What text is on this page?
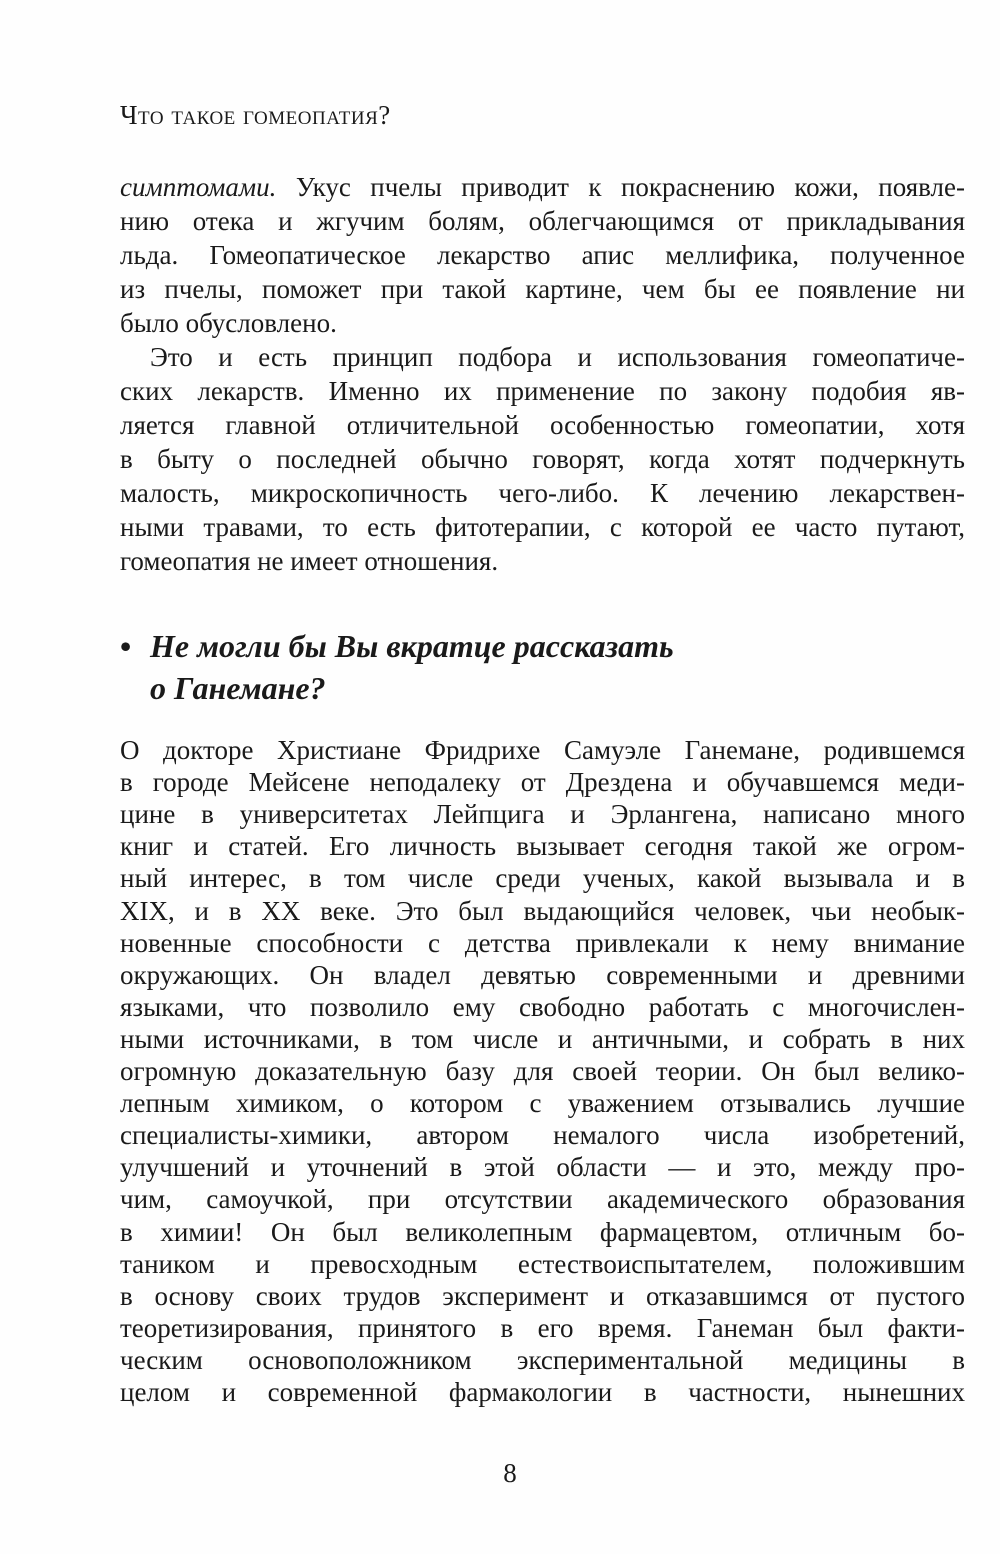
Что такое гомеопатия?
симптомами. Укус пчелы приводит к покраснению кожи, появле-
нию отека и жгучим болям, облегчающимся от прикладывания
льда. Гомеопатическое лекарство апис меллифика, полученное
из пчелы, поможет при такой картине, чем бы ее появление ни
было обусловлено.
Это и есть принцип подбора и использования гомеопатиче-
ских лекарств. Именно их применение по закону подобия яв-
ляется главной отличительной особенностью гомеопатии, хотя
в быту о последней обычно говорят, когда хотят подчеркнуть
малость, микроскопичность чего-либо. К лечению лекарствен-
ными травами, то есть фитотерапии, с которой ее часто путают,
гомеопатия не имеет отношения.
О докторе Христиане Фридрихе Самуэле Ганемане, родившемся
в городе Мейсене неподалеку от Дрездена и обучавшемся меди-
цине в университетах Лейпцига и Эрлангена, написано много
книг и статей. Его личность вызывает сегодня такой же огром-
ный интерес, в том числе среди ученых, какой вызывала и в
XIX, и в XX веке. Это был выдающийся человек, чьи необык-
новенные способности с детства привлекали к нему внимание
окружающих. Он владел девятью современными и древними
языками, что позволило ему свободно работать с многочислен-
ными источниками, в том числе и античными, и собрать в них
огромную доказательную базу для своей теории. Он был велико-
лепным химиком, о котором с уважением отзывались лучшие
специалисты-химики, автором немалого числа изобретений,
улучшений и уточнений в этой области — и это, между про-
чим, самоучкой, при отсутствии академического образования
в химии! Он был великолепным фармацевтом, отличным бо-
таником и превосходным естествоиспытателем, положившим
в основу своих трудов эксперимент и отказавшимся от пустого
теоретизирования, принятого в его время. Ганеман был факти-
ческим основоположником экспериментальной медицины в
целом и современной фармакологии в частности, нынешних
• Не могли бы Вы вкратце рассказать
о Ганемане?
8
